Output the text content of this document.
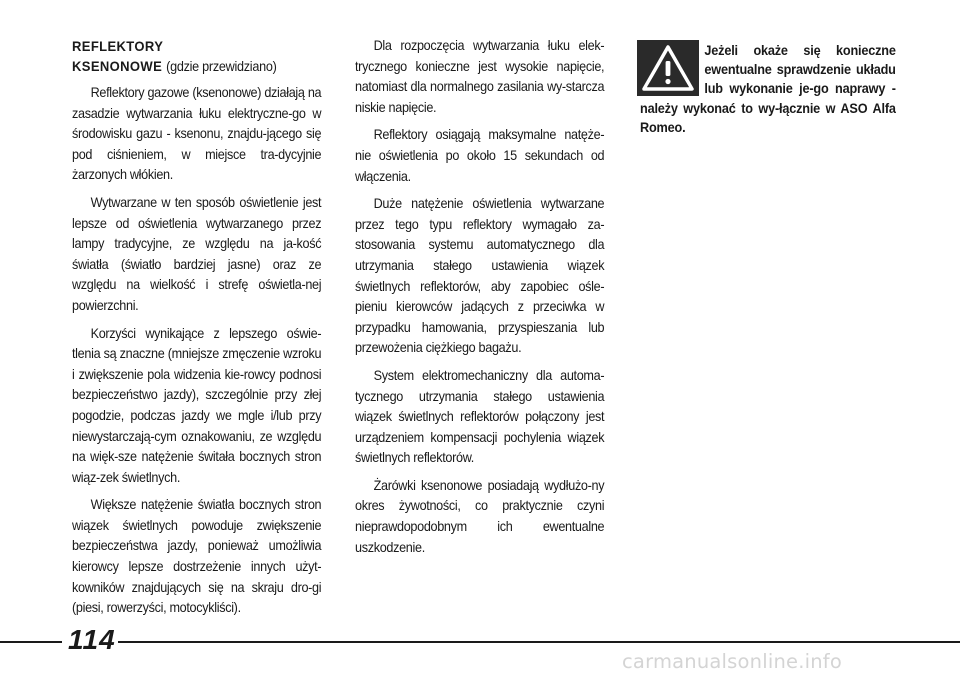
REFLEKTORY
KSENONOWE (gdzie przewidziano)

Reflektory gazowe (ksenonowe) działają na zasadzie wytwarzania łuku elektryczne-go w środowisku gazu - ksenonu, znajdu-jącego się pod ciśnieniem, w miejsce tra-dycyjnie żarzonych włókien.

Wytwarzane w ten sposób oświetlenie jest lepsze od oświetlenia wytwarzanego przez lampy tradycyjne, ze względu na ja-kość światła (światło bardziej jasne) oraz ze względu na wielkość i strefę oświetla-nej powierzchni.

Korzyści wynikające z lepszego oświe-tlenia są znaczne (mniejsze zmęczenie wzroku i zwiększenie pola widzenia kie-rowcy podnosi bezpieczeństwo jazdy), szczególnie przy złej pogodzie, podczas jazdy we mgle i/lub przy niewystarczają-cym oznakowaniu, ze względu na więk-sze natężenie świtała bocznych stron wiąz-zek świetlnych.

Większe natężenie światła bocznych stron wiązek świetlnych powoduje zwiększenie bezpieczeństwa jazdy, ponieważ umożliwia kierowcy lepsze dostrzeżenie innych użyt-kowników znajdujących się na skraju dro-gi (piesi, rowerzyści, motocykliści).

Dla rozpoczęcia wytwarzania łuku elek-trycznego konieczne jest wysokie napięcie, natomiast dla normalnego zasilania wy-starcza niskie napięcie.

Reflektory osiągają maksymalne natęże-nie oświetlenia po około 15 sekundach od włączenia.

Duże natężenie oświetlenia wytwarzane przez tego typu reflektory wymagało za-stosowania systemu automatycznego dla utrzymania stałego ustawienia wiązek świetlnych reflektorów, aby zapobiec ośle-pieniu kierowców jadących z przeciwka w przypadku hamowania, przyspieszania lub przewożenia ciężkiego bagażu.

System elektromechaniczny dla automa-tycznego utrzymania stałego ustawienia wiązek świetlnych reflektorów połączony jest urządzeniem kompensacji pochylenia wiązek świetlnych reflektorów.

Żarówki ksenonowe posiadają wydłużo-ny okres żywotności, co praktycznie czyni nieprawdopodobnym ich ewentualne uszkodzenie.

Jeżeli okaże się konieczne ewentualne sprawdzenie układu lub wykonanie je-go naprawy - należy wykonać to wy-łącznie w ASO Alfa Romeo.
114
carmanualsonline.info
